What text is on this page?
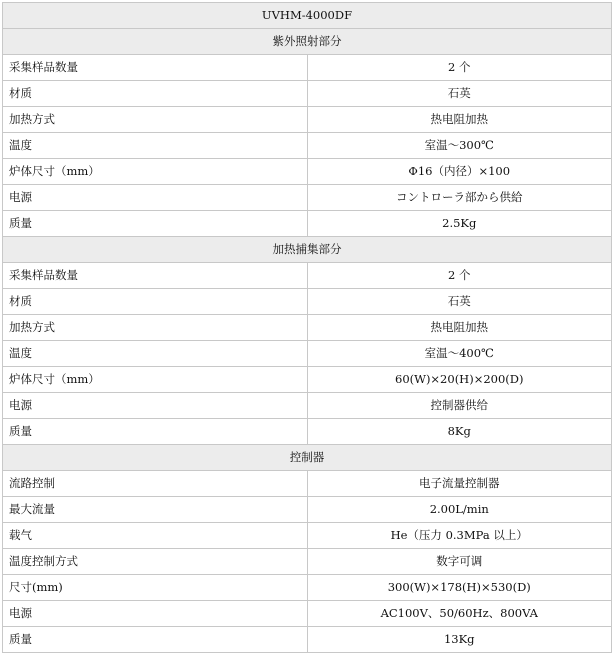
UVHM-4000DF	
紫外照射部分	
采集样品数量	2 个
材质	石英
加热方式	热电阻加热
温度	室温～300℃
炉体尺寸（mm）	Φ16（内径）×100
电源	コントローラ部から供給
质量	2.5Kg
加热捕集部分	
采集样品数量	2 个
材质	石英
加热方式	热电阻加热
温度	室温～400℃
炉体尺寸（mm）	60(W)×20(H)×200(D)
电源	控制器供给
质量	8Kg
控制器	
流路控制	电子流量控制器
最大流量	2.00L/min
载气	He（压力 0.3MPa 以上）
温度控制方式	数字可调
尺寸(mm)	300(W)×178(H)×530(D)
电源	AC100V、50/60Hz、800VA
质量	13Kg
